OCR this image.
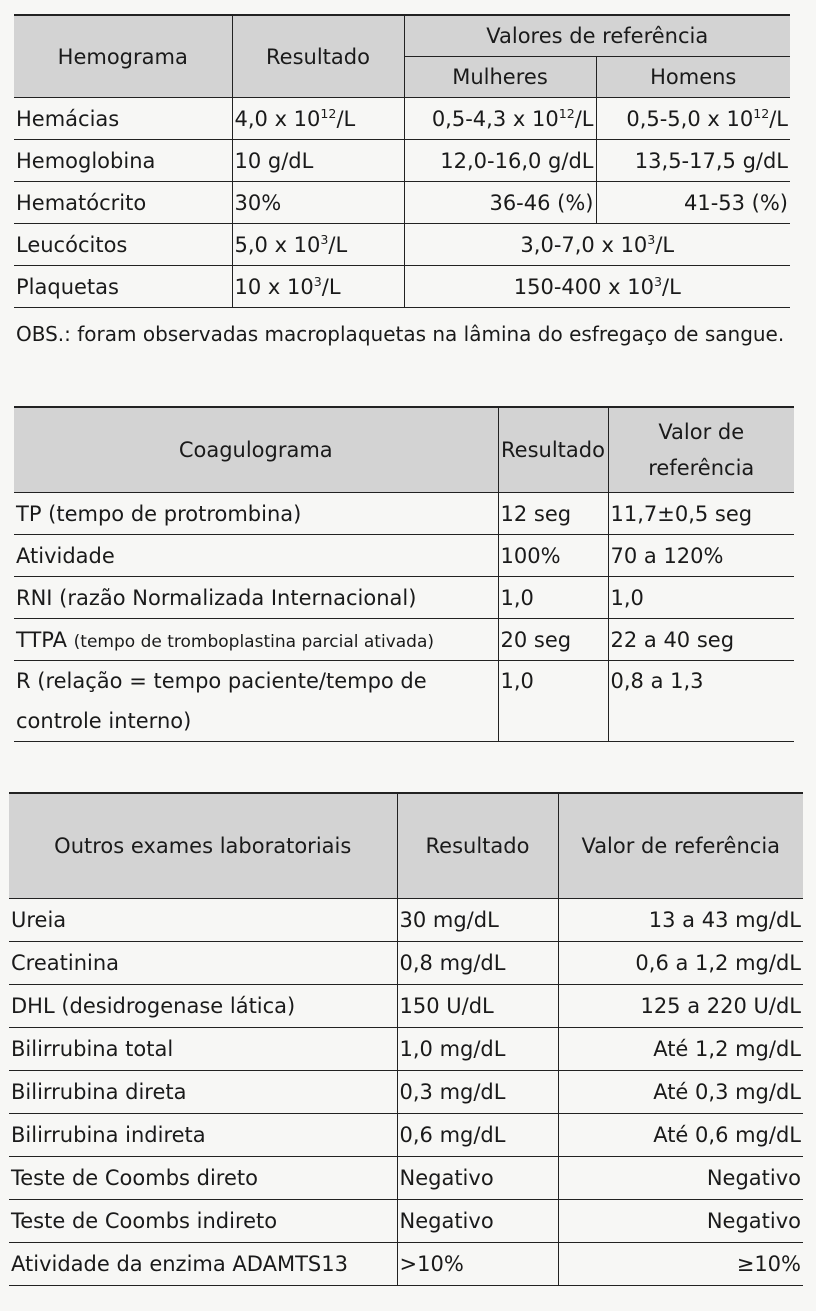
Hemograma	Resultado	Valores de referência	
		Mulheres	Homens
Hemácias	4,0 x $10^{12}/L$	0,5-4,3 x $10^{12}/L$	0,5-5,0 x $10^{12}/L$
Hemoglobina	10 g/dL	12,0-16,0 g/dL	13,5-17,5 g/dL
Hematócrito	30%	36-46 (%)	41-53 (%)
Leucócitos	5,0 x $10^3/L$	3,0-7,0 x $10^3/L$	
Plaquetas	10 x $10^3/L$	150-400 x $10^3/L$	
OBS.: foram observadas macroplaquetas na lâmina do esfregaço de sangue.
Coagulograma	Resultado	Valor de referência
TP (tempo de protrombina)	12 seg	11,7±0,5 seg
Atividade	100%	70 a 120%
RNI (razão Normalizada Internacional)	1,0	1,0
TTPA (tempo de tromboplastina parcial ativada)	20 seg	22 a 40 seg
R (relação = tempo paciente/tempo de controle interno)	1,0	0,8 a 1,3
Outros exames laboratoriais	Resultado	Valor de referência
Ureia	30 mg/dL	13 a 43 mg/dL
Creatinina	0,8 mg/dL	0,6 a 1,2 mg/dL
DHL (desidrogenase lática)	150 U/dL	125 a 220 U/dL
Bilirrubina total	1,0 mg/dL	Até 1,2 mg/dL
Bilirrubina direta	0,3 mg/dL	Até 0,3 mg/dL
Bilirrubina indireta	0,6 mg/dL	Até 0,6 mg/dL
Teste de Coombs direto	Negativo	Negativo
Teste de Coombs indireto	Negativo	Negativo
Atividade da enzima ADAMTS13	>10%	≥10%
